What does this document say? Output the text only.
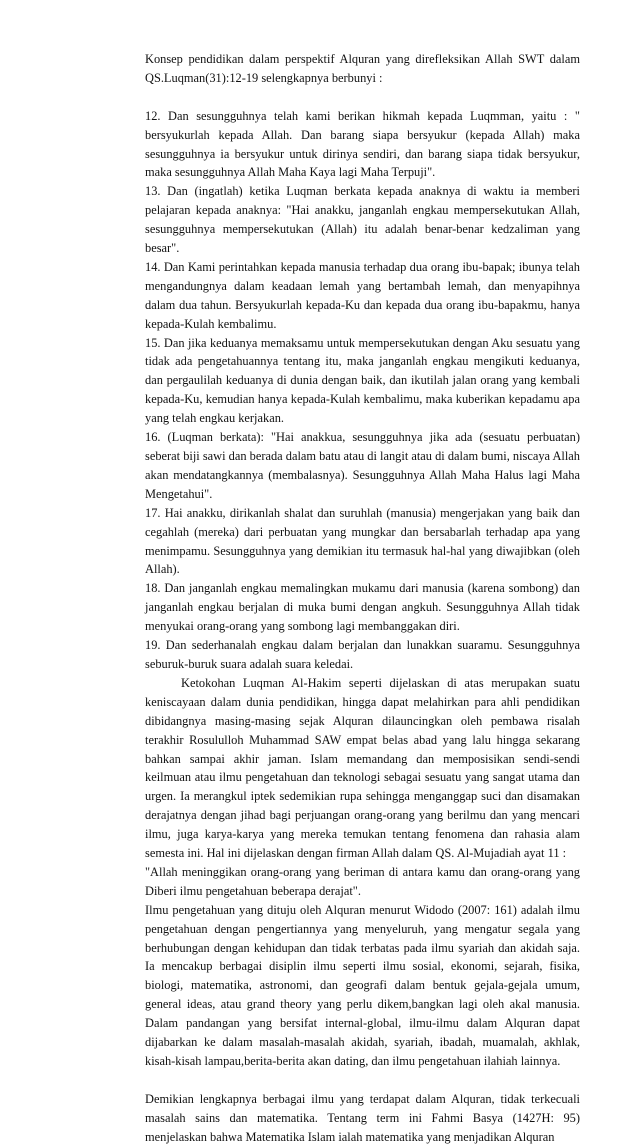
Konsep pendidikan dalam perspektif Alquran yang direfleksikan Allah SWT dalam QS.Luqman(31):12-19 selengkapnya berbunyi :

12. Dan sesungguhnya telah kami berikan hikmah kepada Luqmman, yaitu : " bersyukurlah kepada Allah. Dan barang siapa bersyukur (kepada Allah) maka sesungguhnya ia bersyukur untuk dirinya sendiri, dan barang siapa tidak bersyukur, maka sesungguhnya Allah Maha Kaya lagi Maha Terpuji".

13. Dan (ingatlah) ketika Luqman berkata kepada anaknya di waktu ia memberi pelajaran kepada anaknya: "Hai anakku, janganlah engkau mempersekutukan Allah, sesungguhnya mempersekutukan (Allah) itu adalah benar-benar kedzaliman yang besar".

14. Dan Kami perintahkan kepada manusia terhadap dua orang ibu-bapak; ibunya telah mengandungnya dalam keadaan lemah yang bertambah lemah, dan menyapihnya dalam dua tahun. Bersyukurlah kepada-Ku dan kepada dua orang ibu-bapakmu, hanya kepada-Kulah kembalimu.

15. Dan jika keduanya memaksamu untuk mempersekutukan dengan Aku sesuatu yang tidak ada pengetahuannya tentang itu, maka janganlah engkau mengikuti keduanya, dan pergaulilah keduanya di dunia dengan baik, dan ikutilah jalan orang yang kembali kepada-Ku, kemudian hanya kepada-Kulah kembalimu, maka kuberikan kepadamu apa yang telah engkau kerjakan.

16. (Luqman berkata): "Hai anakkua, sesungguhnya jika ada (sesuatu perbuatan) seberat biji sawi dan berada dalam batu atau di langit atau di dalam bumi, niscaya Allah akan mendatangkannya (membalasnya). Sesungguhnya Allah Maha Halus lagi Maha Mengetahui".

17. Hai anakku, dirikanlah shalat dan suruhlah (manusia) mengerjakan yang baik dan cegahlah (mereka) dari perbuatan yang mungkar dan bersabarlah terhadap apa yang menimpamu. Sesungguhnya yang demikian itu termasuk hal-hal yang diwajibkan (oleh Allah).

18. Dan janganlah engkau memalingkan mukamu dari manusia (karena sombong) dan janganlah engkau berjalan di muka bumi dengan angkuh. Sesungguhnya Allah tidak menyukai orang-orang yang sombong lagi membanggakan diri.

19. Dan sederhanalah engkau dalam berjalan dan lunakkan suaramu. Sesungguhnya seburuk-buruk suara adalah suara keledai.

Ketokohan Luqman Al-Hakim seperti dijelaskan di atas merupakan suatu keniscayaan dalam dunia pendidikan, hingga dapat melahirkan para ahli pendidikan dibidangnya masing-masing sejak Alquran dilauncingkan oleh pembawa risalah terakhir Rosululloh Muhammad SAW empat belas abad yang lalu hingga sekarang bahkan sampai akhir jaman. Islam memandang dan memposisikan sendi-sendi keilmuan atau ilmu pengetahuan dan teknologi sebagai sesuatu yang sangat utama dan urgen. Ia merangkul iptek sedemikian rupa sehingga menganggap suci dan disamakan derajatnya dengan jihad bagi perjuangan orang-orang yang berilmu dan yang mencari ilmu, juga karya-karya yang mereka temukan tentang fenomena dan rahasia alam semesta ini. Hal ini dijelaskan dengan firman Allah dalam QS. Al-Mujadiah ayat 11 :

"Allah meninggikan orang-orang yang beriman di antara kamu dan orang-orang yang Diberi ilmu pengetahuan beberapa derajat".

Ilmu pengetahuan yang dituju oleh Alquran menurut Widodo (2007: 161) adalah ilmu pengetahuan dengan pengertiannya yang menyeluruh, yang mengatur segala yang berhubungan dengan kehidupan dan tidak terbatas pada ilmu syariah dan akidah saja. Ia mencakup berbagai disiplin ilmu seperti ilmu sosial, ekonomi, sejarah, fisika, biologi, matematika, astronomi, dan geografi dalam bentuk gejala-gejala umum, general ideas, atau grand theory yang perlu dikem,bangkan lagi oleh akal manusia. Dalam pandangan yang bersifat internal-global, ilmu-ilmu dalam Alquran dapat dijabarkan ke dalam masalah-masalah akidah, syariah, ibadah, muamalah, akhlak, kisah-kisah lampau,berita-berita akan dating, dan ilmu pengetahuan ilahiah lainnya.

Demikian lengkapnya berbagai ilmu yang terdapat dalam Alquran, tidak terkecuali masalah sains dan matematika. Tentang term ini Fahmi Basya (1427H: 95) menjelaskan bahwa Matematika Islam ialah matematika yang menjadikan Alquran
